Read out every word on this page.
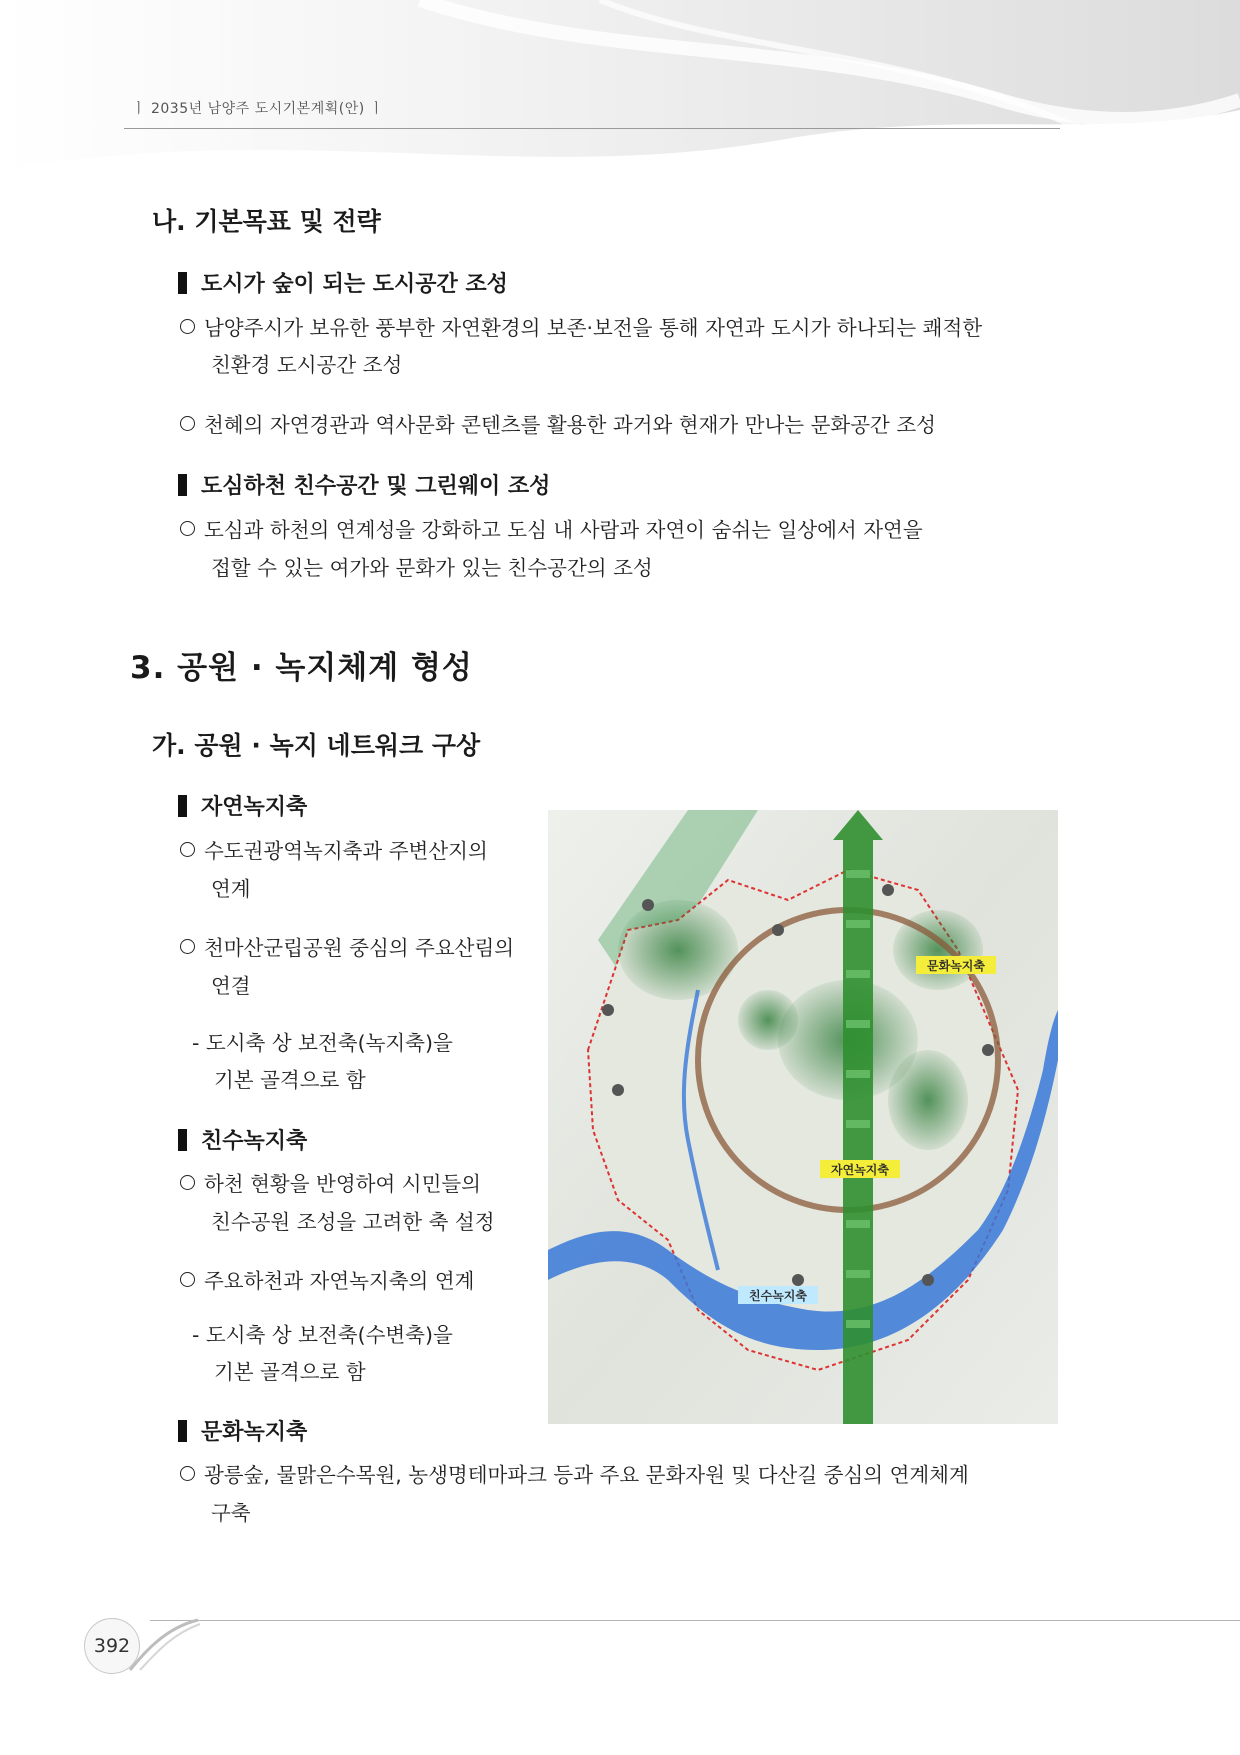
ㅣ 2035년 남양주 도시기본계획(안) ㅣ
나. 기본목표 및 전략
도시가 숲이 되는 도시공간 조성
남양주시가 보유한 풍부한 자연환경의 보존‧보전을 통해 자연과 도시가 하나되는 쾌적한
친환경 도시공간 조성
천혜의 자연경관과 역사문화 콘텐츠를 활용한 과거와 현재가 만나는 문화공간 조성
도심하천 친수공간 및 그린웨이 조성
도심과 하천의 연계성을 강화하고 도심 내 사람과 자연이 숨쉬는 일상에서 자연을
접할 수 있는 여가와 문화가 있는 친수공간의 조성
3. 공원 · 녹지체계 형성
가. 공원 · 녹지 네트워크 구상
자연녹지축
수도권광역녹지축과 주변산지의
연계
천마산군립공원 중심의 주요산림의
연결
- 도시축 상 보전축(녹지축)을
기본 골격으로 함
친수녹지축
하천 현황을 반영하여 시민들의
친수공원 조성을 고려한 축 설정
주요하천과 자연녹지축의 연계
- 도시축 상 보전축(수변축)을
기본 골격으로 함
문화녹지축
광릉숲, 물맑은수목원, 농생명테마파크 등과 주요 문화자원 및 다산길 중심의 연계체계
구축
문화녹지축
자연녹지축
친수녹지축
392
